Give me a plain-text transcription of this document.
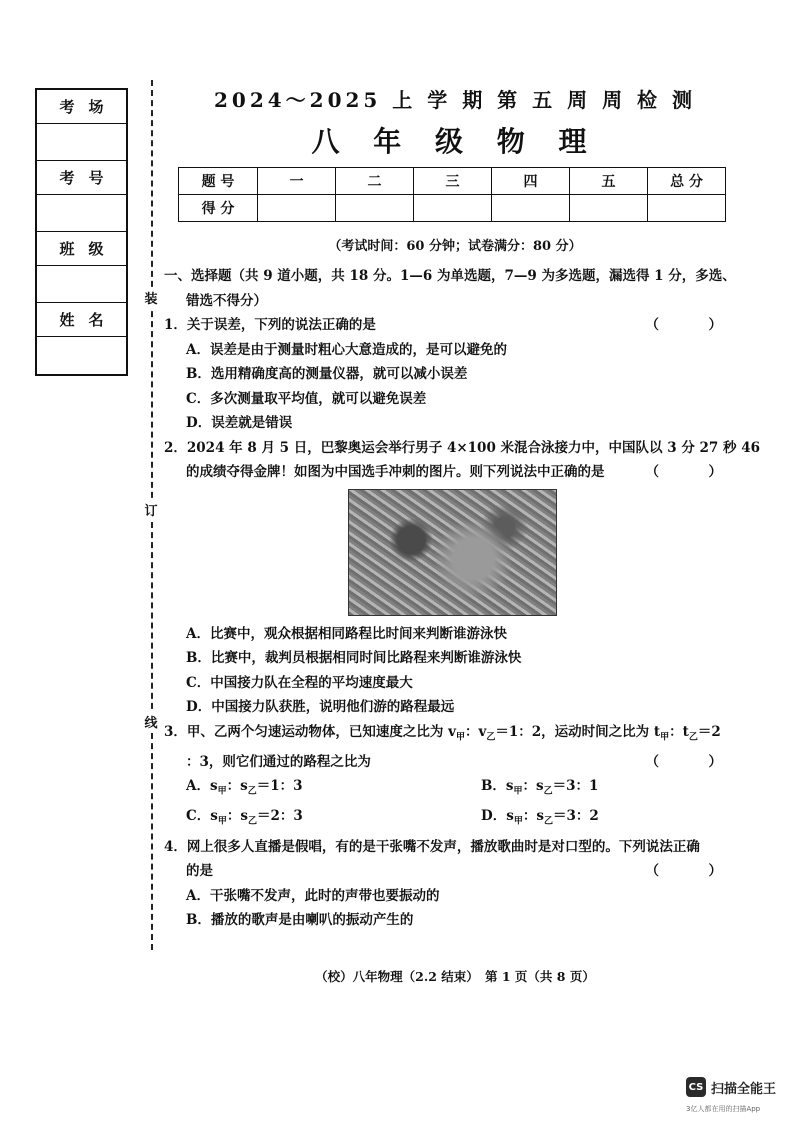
考场
考号
班级
姓名
装
订
线
2024～2025 上 学 期 第 五 周 周 检 测
八 年 级 物 理
题 号	一	二	三	四	五	总 分
得 分						
（考试时间：60 分钟；试卷满分：80 分）
一、选择题（共 9 道小题，共 18 分。1—6 为单选题，7—9 为多选题，漏选得 1 分，多选、
错选不得分）
1．关于误差，下列的说法正确的是	（　）
A．误差是由于测量时粗心大意造成的，是可以避免的
B．选用精确度高的测量仪器，就可以减小误差
C．多次测量取平均值，就可以避免误差
D．误差就是错误
2．2024 年 8 月 5 日，巴黎奥运会举行男子 4×100 米混合泳接力中，中国队以 3 分 27 秒 46
的成绩夺得金牌！如图为中国选手冲刺的图片。则下列说法中正确的是	（　）
A．比赛中，观众根据相同路程比时间来判断谁游泳快
B．比赛中，裁判员根据相同时间比路程来判断谁游泳快
C．中国接力队在全程的平均速度最大
D．中国接力队获胜，说明他们游的路程最远
3．甲、乙两个匀速运动物体，已知速度之比为 $v_甲$：$v_乙=1$：2，运动时间之比为 $t_甲$：$t_乙=2$
：3，则它们通过的路程之比为	（　）
A．$s_甲$：$s_乙=1$：3	B．$s_甲$：$s_乙=3$：1
C．$s_甲$：$s_乙=2$：3	D．$s_甲$：$s_乙=3$：2
4．网上很多人直播是假唱，有的是干张嘴不发声，播放歌曲时是对口型的。下列说法正确
的是	（　）
A．干张嘴不发声，此时的声带也要振动的
B．播放的歌声是由喇叭的振动产生的
（校）八年物理（2.2 结束）　第 1 页（共 8 页）
CS 扫描全能王
3亿人都在用的扫描App
